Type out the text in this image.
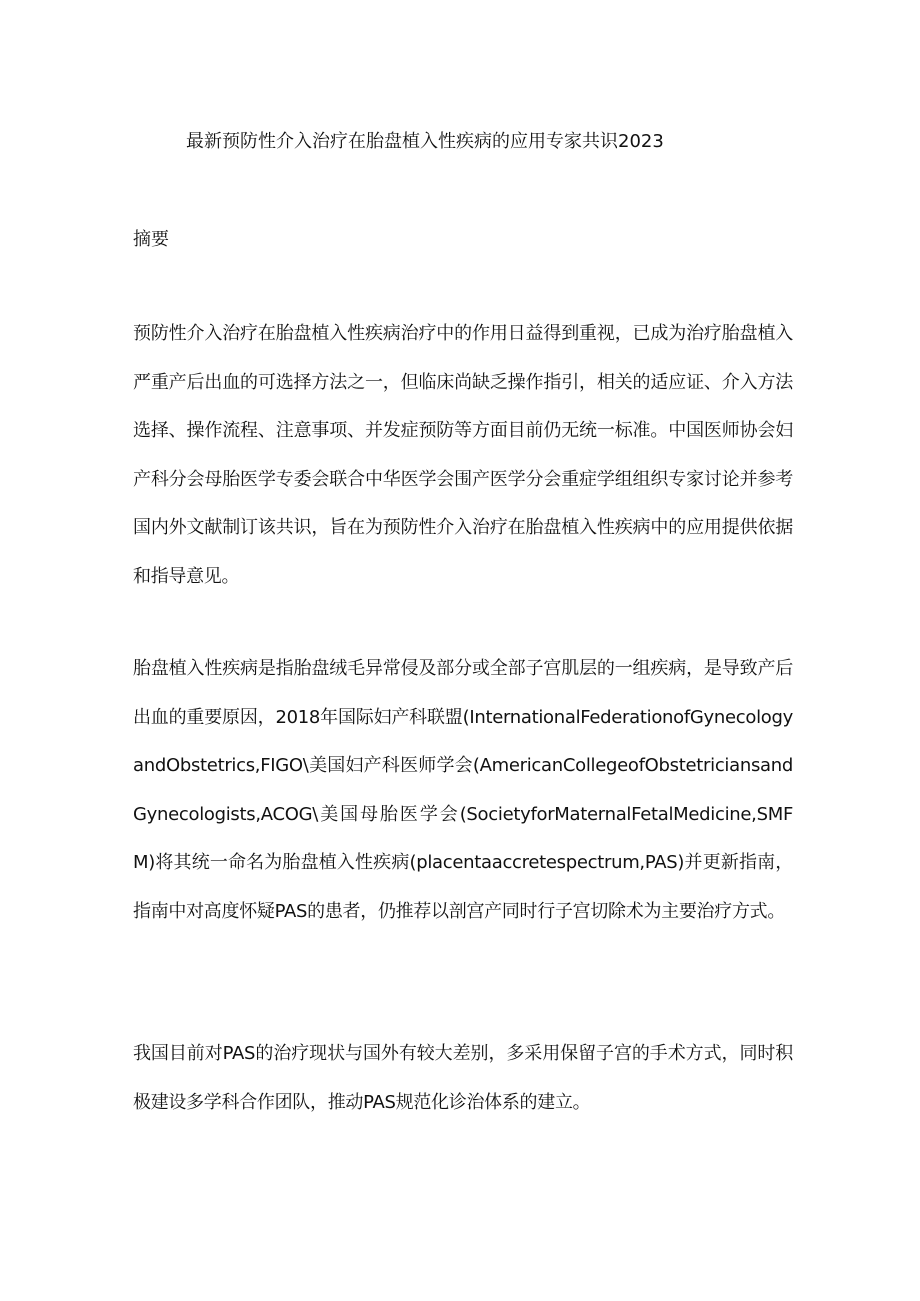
最新预防性介入治疗在胎盘植入性疾病的应用专家共识2023
摘要

预防性介入治疗在胎盘植入性疾病治疗中的作用日益得到重视，已成为治疗胎盘植入严重产后出血的可选择方法之一，但临床尚缺乏操作指引，相关的适应证、介入方法选择、操作流程、注意事项、并发症预防等方面目前仍无统一标准。中国医师协会妇产科分会母胎医学专委会联合中华医学会围产医学分会重症学组组织专家讨论并参考国内外文献制订该共识，旨在为预防性介入治疗在胎盘植入性疾病中的应用提供依据和指导意见。

胎盘植入性疾病是指胎盘绒毛异常侵及部分或全部子宫肌层的一组疾病，是导致产后出血的重要原因，2018年国际妇产科联盟(InternationalFederationofGynecologyandObstetrics,FIGO\美国妇产科医师学会(AmericanCollegeofObstetriciansandGynecologists,ACOG\美国母胎医学会(SocietyforMaternalFetalMedicine,SMFM)将其统一命名为胎盘植入性疾病(placentaaccretespectrum,PAS)并更新指南，指南中对高度怀疑PAS的患者，仍推荐以剖宫产同时行子宫切除术为主要治疗方式。

我国目前对PAS的治疗现状与国外有较大差别，多采用保留子宫的手术方式，同时积极建设多学科合作团队，推动PAS规范化诊治体系的建立。
